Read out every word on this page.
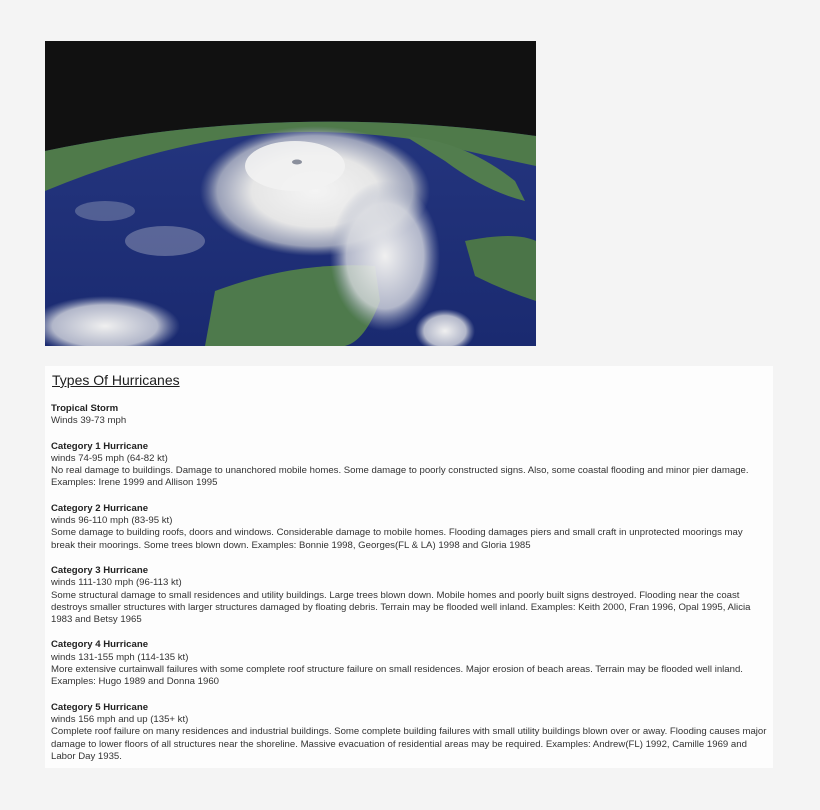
Types Of Hurricanes
Tropical Storm
Winds 39-73 mph
Category 1 Hurricane
winds 74-95 mph (64-82 kt)
No real damage to buildings. Damage to unanchored mobile homes. Some damage to poorly constructed signs. Also, some coastal flooding and minor pier damage. Examples: Irene 1999 and Allison 1995
Category 2 Hurricane
winds 96-110 mph (83-95 kt)
Some damage to building roofs, doors and windows. Considerable damage to mobile homes. Flooding damages piers and small craft in unprotected moorings may break their moorings. Some trees blown down. Examples: Bonnie 1998, Georges(FL & LA) 1998 and Gloria 1985
Category 3 Hurricane
winds 111-130 mph (96-113 kt)
Some structural damage to small residences and utility buildings. Large trees blown down. Mobile homes and poorly built signs destroyed. Flooding near the coast destroys smaller structures with larger structures damaged by floating debris. Terrain may be flooded well inland. Examples: Keith 2000, Fran 1996, Opal 1995, Alicia 1983 and Betsy 1965
Category 4 Hurricane
winds 131-155 mph (114-135 kt)
More extensive curtainwall failures with some complete roof structure failure on small residences. Major erosion of beach areas. Terrain may be flooded well inland. Examples: Hugo 1989 and Donna 1960
Category 5 Hurricane
winds 156 mph and up (135+ kt)
Complete roof failure on many residences and industrial buildings. Some complete building failures with small utility buildings blown over or away. Flooding causes major damage to lower floors of all structures near the shoreline. Massive evacuation of residential areas may be required. Examples: Andrew(FL) 1992, Camille 1969 and Labor Day 1935.
